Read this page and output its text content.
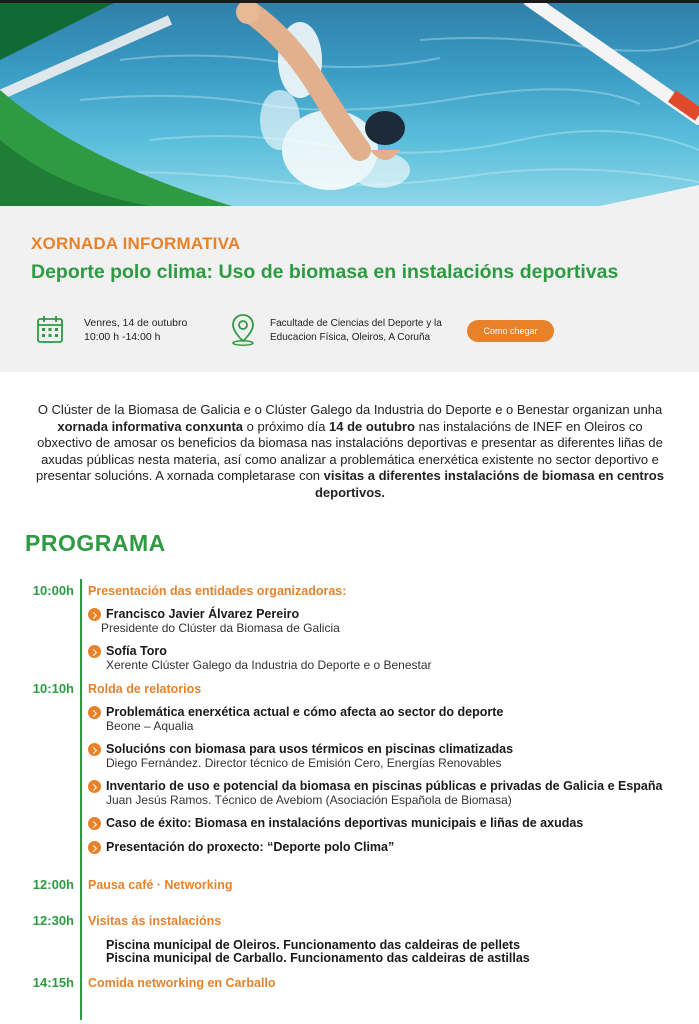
XORNADA INFORMATIVA
Deporte polo clima: Uso de biomasa en instalacións deportivas
Venres, 14 de outubro
10:00 h -14:00 h
Facultade de Ciencias del Deporte y la
Educacion Física, Oleiros, A Coruña
Como chegar
O Clúster de la Biomasa de Galicia e o Clúster Galego da Industria do Deporte e o Benestar organizan unha xornada informativa conxunta o próximo día 14 de outubro nas instalacións de INEF en Oleiros co obxectivo de amosar os beneficios da biomasa nas instalacións deportivas e presentar as diferentes liñas de axudas públicas nesta materia, así como analizar a problemática enerxética existente no sector deportivo e presentar solucións. A xornada completarase con visitas a diferentes instalacións de biomasa en centros deportivos.
PROGRAMA
10:00h Presentación das entidades organizadoras:
Francisco Javier Álvarez Pereiro
Presidente do Clúster da Biomasa de Galicia
Sofía Toro
Xerente Clúster Galego da Industria do Deporte e o Benestar
10:10h Rolda de relatorios
Problemática enerxética actual e cómo afecta ao sector do deporte
Beone – Aqualia
Solucións con biomasa para usos térmicos en piscinas climatizadas
Diego Fernández. Director técnico de Emisión Cero, Energías Renovables
Inventario de uso e potencial da biomasa en piscinas públicas e privadas de Galicia e España
Juan Jesús Ramos. Técnico de Avebiom (Asociación Española de Biomasa)
Caso de éxito: Biomasa en instalacións deportivas municipais e liñas de axudas
Presentación do proxecto: “Deporte polo Clima”
12:00h Pausa café · Networking
12:30h Visitas ás instalacións
Piscina municipal de Oleiros. Funcionamento das caldeiras de pellets
Piscina municipal de Carballo. Funcionamento das caldeiras de astillas
14:15h Comida networking en Carballo
